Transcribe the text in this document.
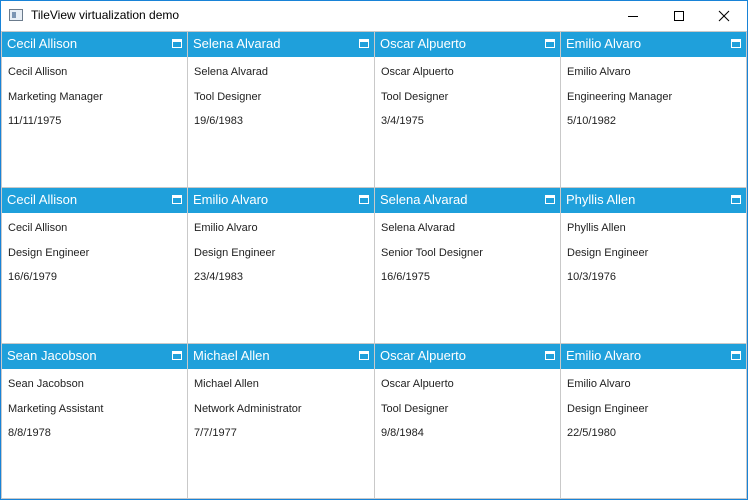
TileView virtualization demo
Cecil Allison
Cecil Allison
Marketing Manager
11/11/1975
Selena Alvarad
Selena Alvarad
Tool Designer
19/6/1983
Oscar Alpuerto
Oscar Alpuerto
Tool Designer
3/4/1975
Emilio Alvaro
Emilio Alvaro
Engineering Manager
5/10/1982
Cecil Allison
Cecil Allison
Design Engineer
16/6/1979
Emilio Alvaro
Emilio Alvaro
Design Engineer
23/4/1983
Selena Alvarad
Selena Alvarad
Senior Tool Designer
16/6/1975
Phyllis Allen
Phyllis Allen
Design Engineer
10/3/1976
Sean Jacobson
Sean Jacobson
Marketing Assistant
8/8/1978
Michael Allen
Michael Allen
Network Administrator
7/7/1977
Oscar Alpuerto
Oscar Alpuerto
Tool Designer
9/8/1984
Emilio Alvaro
Emilio Alvaro
Design Engineer
22/5/1980
